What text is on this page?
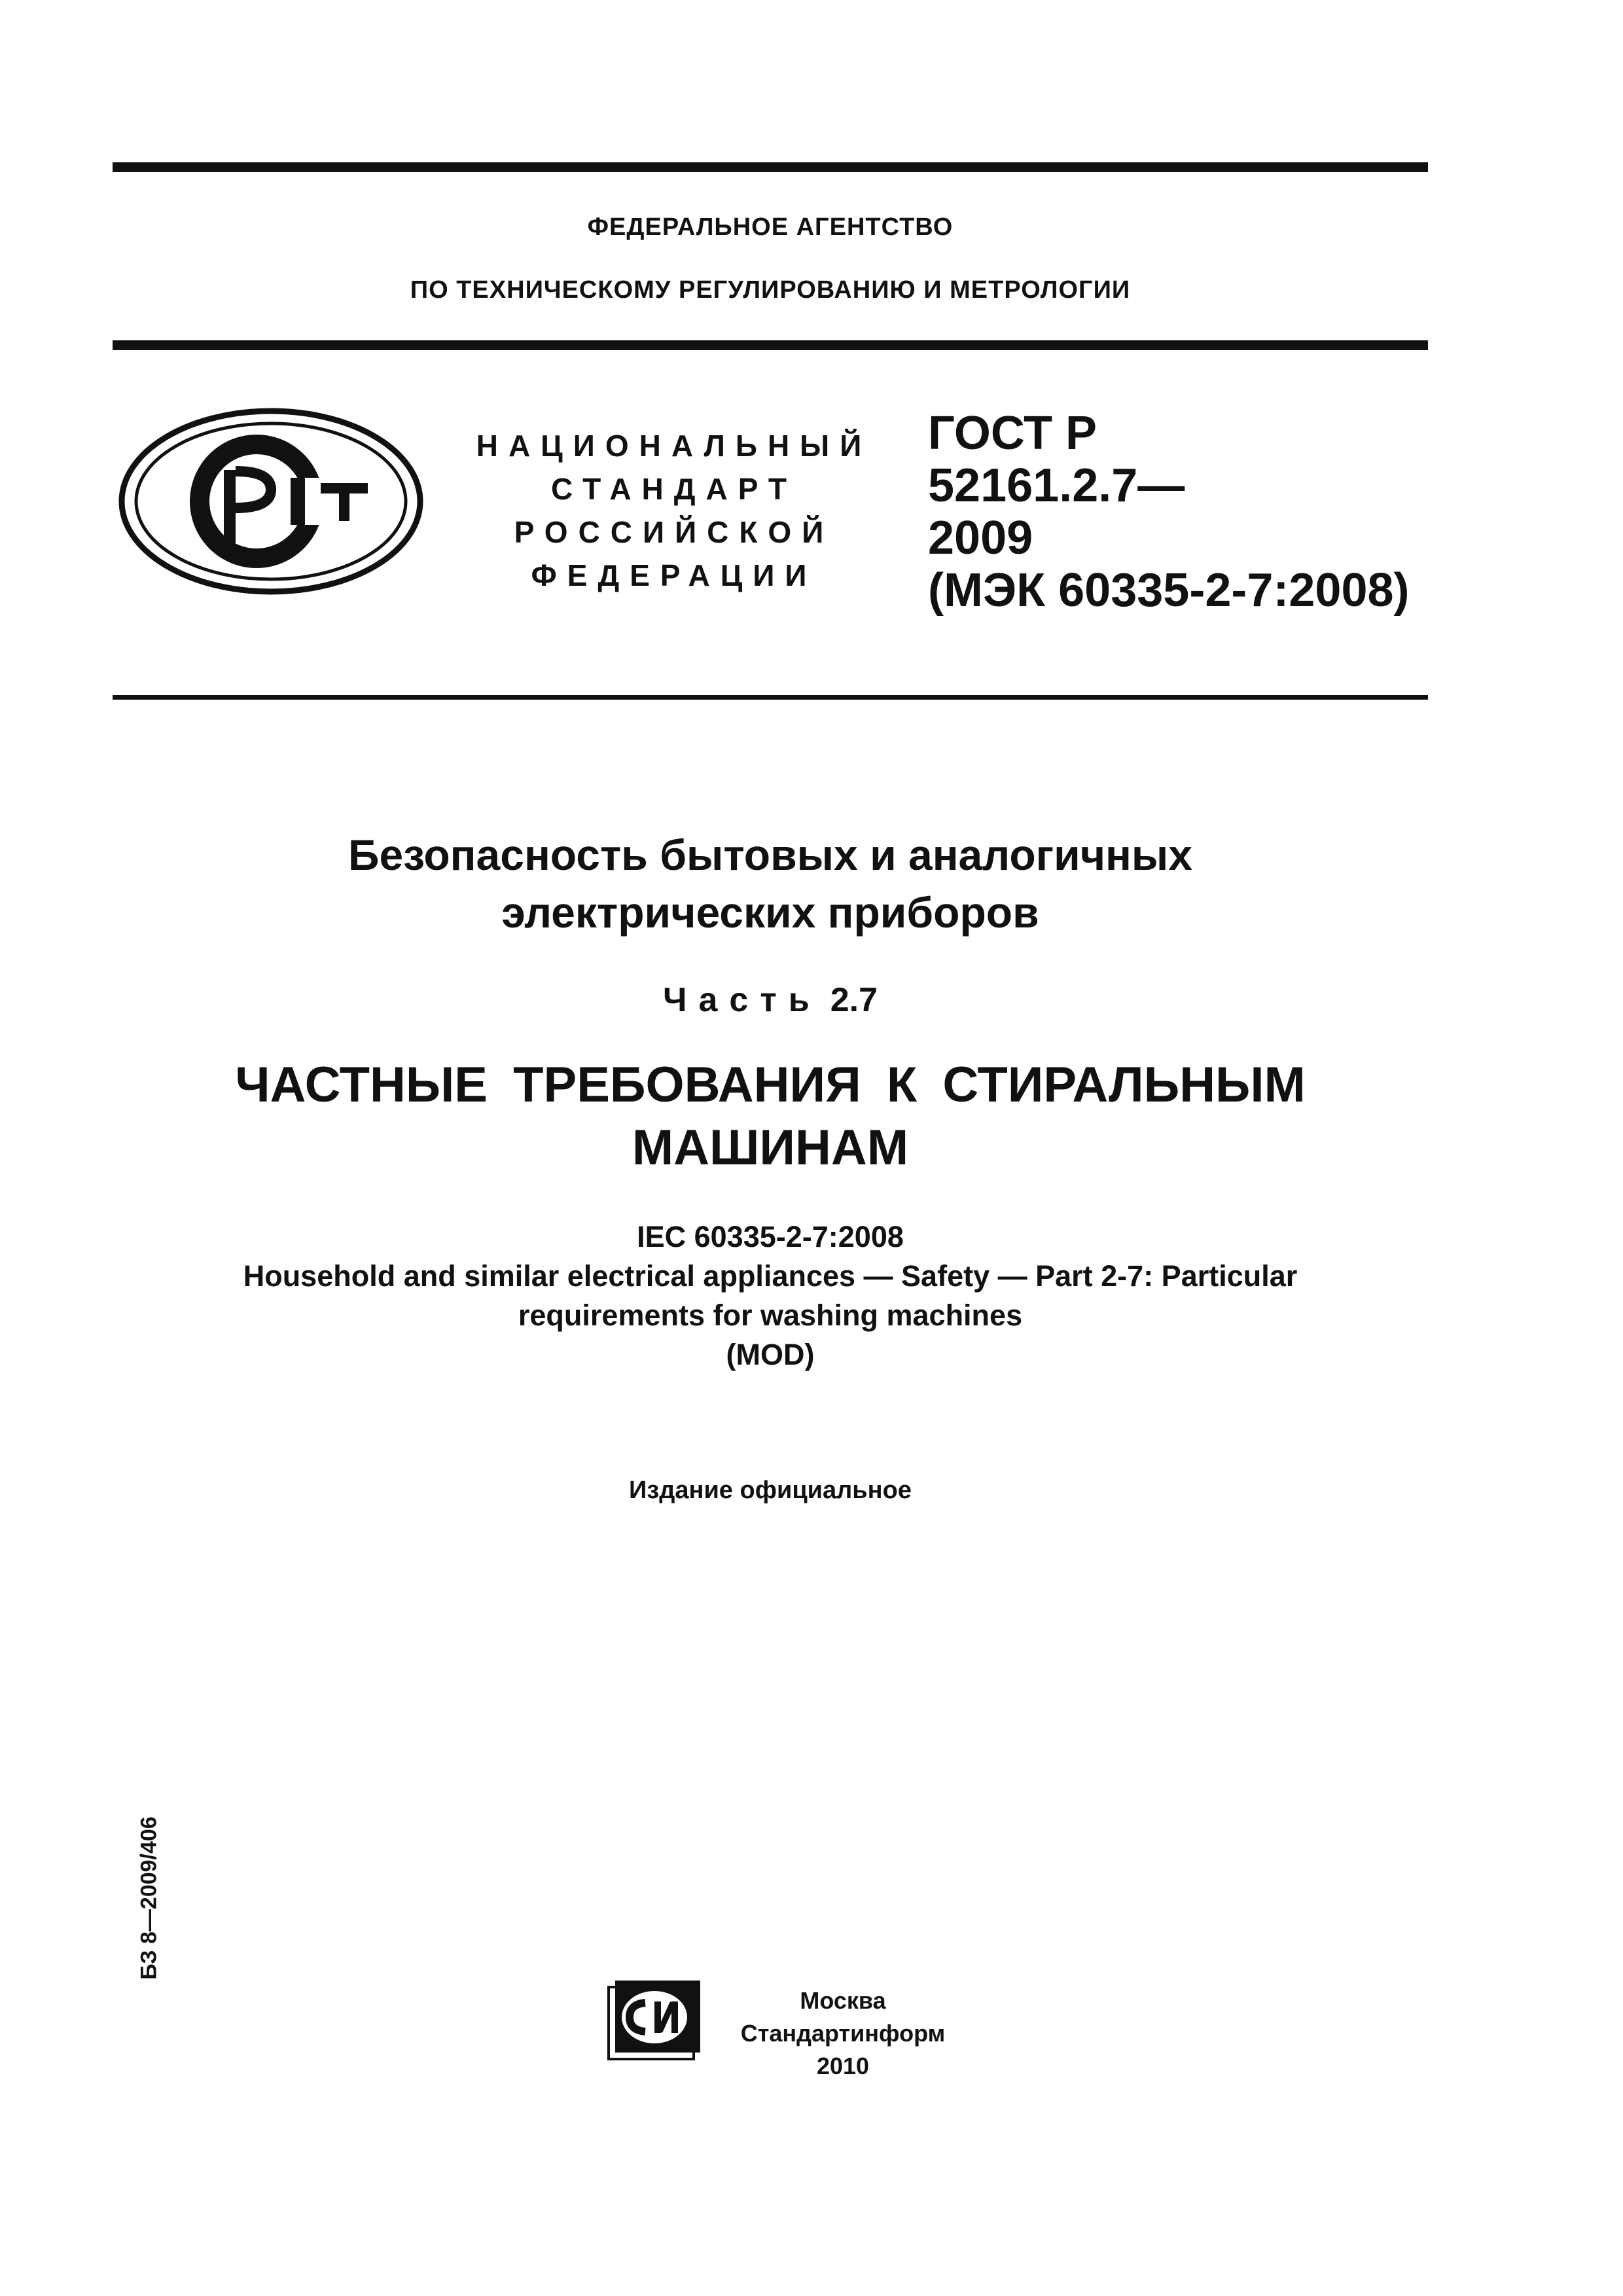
ФЕДЕРАЛЬНОЕ АГЕНТСТВО
ПО ТЕХНИЧЕСКОМУ РЕГУЛИРОВАНИЮ И МЕТРОЛОГИИ
НАЦИОНАЛЬНЫЙ
СТАНДАРТ
РОССИЙСКОЙ
ФЕДЕРАЦИИ
ГОСТ Р
52161.2.7—
2009
(МЭК 60335-2-7:2008)
Безопасность бытовых и аналогичных
электрических приборов
Часть 2.7
ЧАСТНЫЕ ТРЕБОВАНИЯ К СТИРАЛЬНЫМ
МАШИНАМ
IEC 60335-2-7:2008
Household and similar electrical appliances — Safety — Part 2-7: Particular
requirements for washing machines
(MOD)
Издание официальное
БЗ 8—2009/406
Москва
Стандартинформ
2010
